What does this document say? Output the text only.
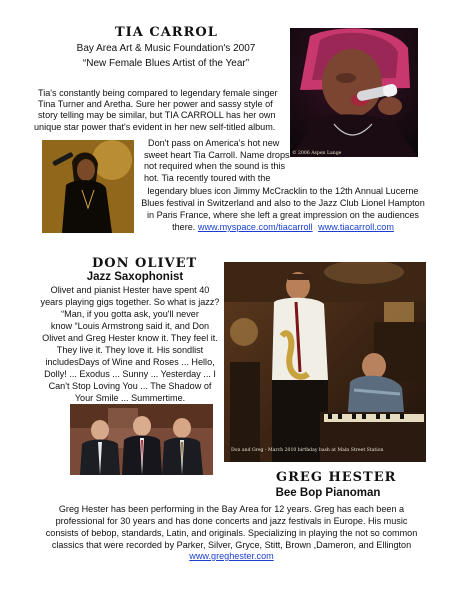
TIA CARROL
Bay Area Art & Music Foundation's 2007
“New Female Blues Artist of the Year”
© 2006 Aspen Lange
Tia's constantly being compared to legendary female singer
Tina Turner and Aretha. Sure her power and sassy style of
story telling may be similar, but TIA CARROLL has her own
unique star power that's evident in her new self-titled album.
Don't pass on America's hot new
sweet heart Tia Carroll. Name drops
not required when the sound is this
hot. Tia recently toured with the
legendary blues icon Jimmy McCracklin to the 12th Annual Lucerne
Blues festival in Switzerland and also to the Jazz Club Lionel Hampton
in Paris France, where she left a great impression on the audiences
there. www.myspace.com/tiacarroll www.tiacarroll.com
DON OLIVET
Jazz Saxophonist
Olivet and pianist Hester have spent 40
years playing gigs together. So what is jazz?
“Man, if you gotta ask, you'll never
know “Louis Armstrong said it, and Don
Olivet and Greg Hester know it. They feel it.
They live it. They love it. His sondlist
includesDays of Wine and Roses ... Hello,
Dolly! ... Exodus ... Sunny ... Yesterday ... I
Can't Stop Loving You ... The Shadow of
Your Smile ... Summertime.
Don and Greg - March 2010 birthday bash at Main Street Station
GREG HESTER
Bee Bop Pianoman
Greg Hester has been performing in the Bay Area for 12 years. Greg has each been a
professional for 30 years and has done concerts and jazz festivals in Europe. His music
consists of bebop, standards, Latin, and originals. Specializing in playing the not so common
classics that were recorded by Parker, Silver, Gryce, Stitt, Brown ,Dameron, and Ellington
www.greghester.com
